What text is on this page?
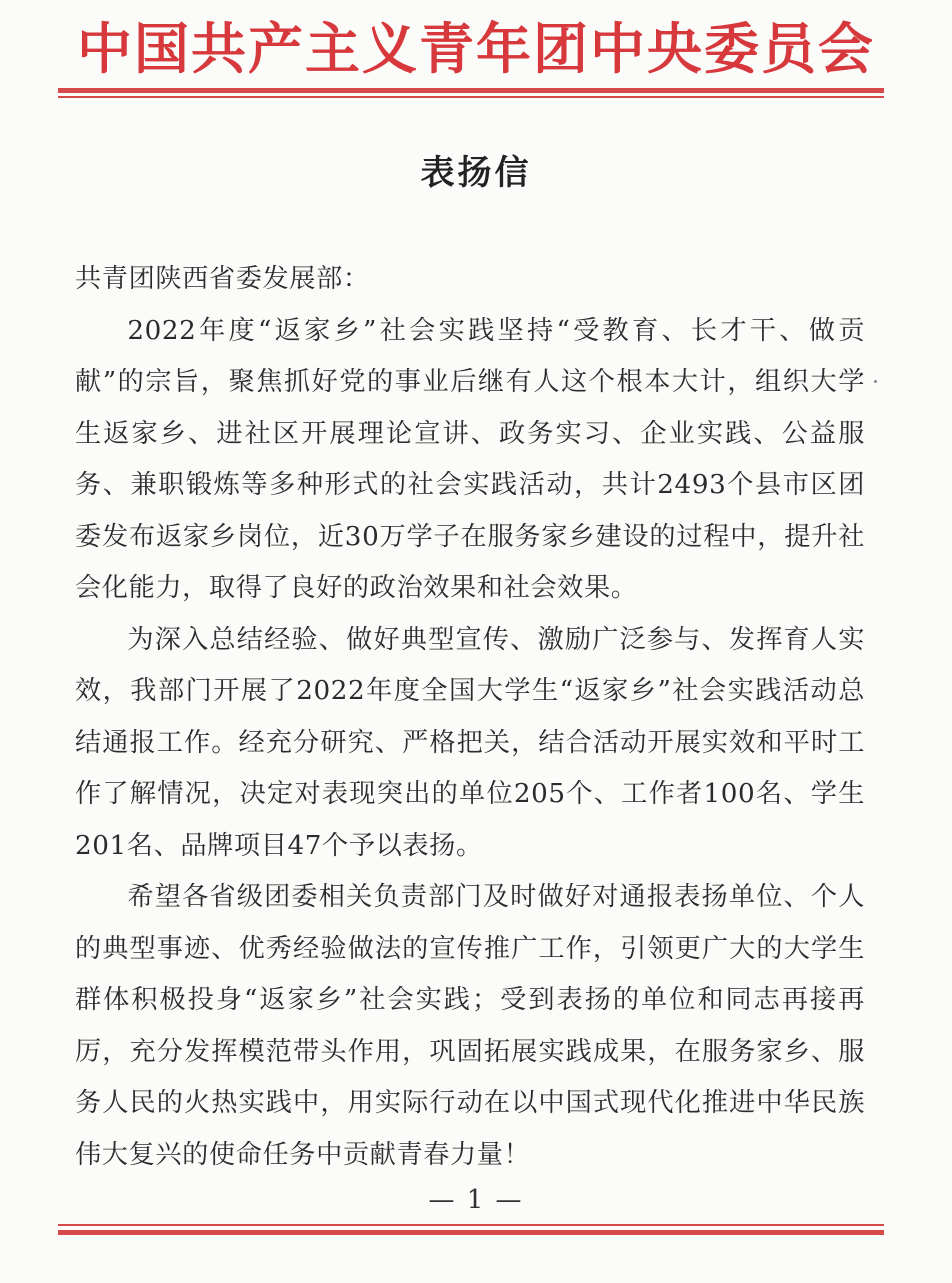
中国共产主义青年团中央委员会
表扬信

共青团陕西省委发展部：

2022年度“返家乡”社会实践坚持“受教育、长才干、做贡献”的宗旨，聚焦抓好党的事业后继有人这个根本大计，组织大学生返家乡、进社区开展理论宣讲、政务实习、企业实践、公益服务、兼职锻炼等多种形式的社会实践活动，共计2493个县市区团委发布返家乡岗位，近30万学子在服务家乡建设的过程中，提升社会化能力，取得了良好的政治效果和社会效果。

为深入总结经验、做好典型宣传、激励广泛参与、发挥育人实效，我部门开展了2022年度全国大学生“返家乡”社会实践活动总结通报工作。经充分研究、严格把关，结合活动开展实效和平时工作了解情况，决定对表现突出的单位205个、工作者100名、学生201名、品牌项目47个予以表扬。

希望各省级团委相关负责部门及时做好对通报表扬单位、个人的典型事迹、优秀经验做法的宣传推广工作，引领更广大的大学生群体积极投身“返家乡”社会实践；受到表扬的单位和同志再接再厉，充分发挥模范带头作用，巩固拓展实践成果，在服务家乡、服务人民的火热实践中，用实际行动在以中国式现代化推进中华民族伟大复兴的使命任务中贡献青春力量！

— 1 —
